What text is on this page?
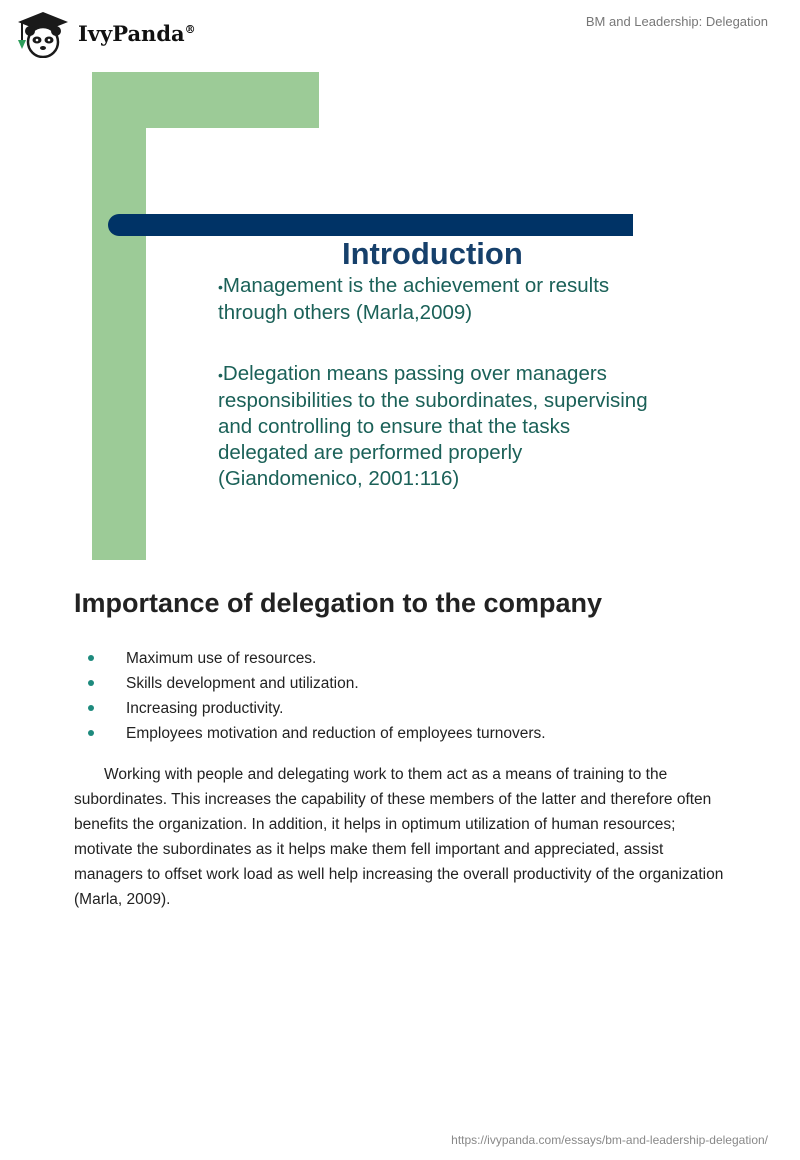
IvyPanda®	BM and Leadership: Delegation
Introduction
•Management is the achievement or results through others (Marla,2009)
•Delegation means passing over managers responsibilities to the subordinates, supervising and controlling to ensure that the tasks delegated are performed properly (Giandomenico, 2001:116)
Importance of delegation to the company
Maximum use of resources.
Skills development and utilization.
Increasing productivity.
Employees motivation and reduction of employees turnovers.

Working with people and delegating work to them act as a means of training to the subordinates. This increases the capability of these members of the latter and therefore often benefits the organization. In addition, it helps in optimum utilization of human resources; motivate the subordinates as it helps make them fell important and appreciated, assist managers to offset work load as well help increasing the overall productivity of the organization (Marla, 2009).

https://ivypanda.com/essays/bm-and-leadership-delegation/
